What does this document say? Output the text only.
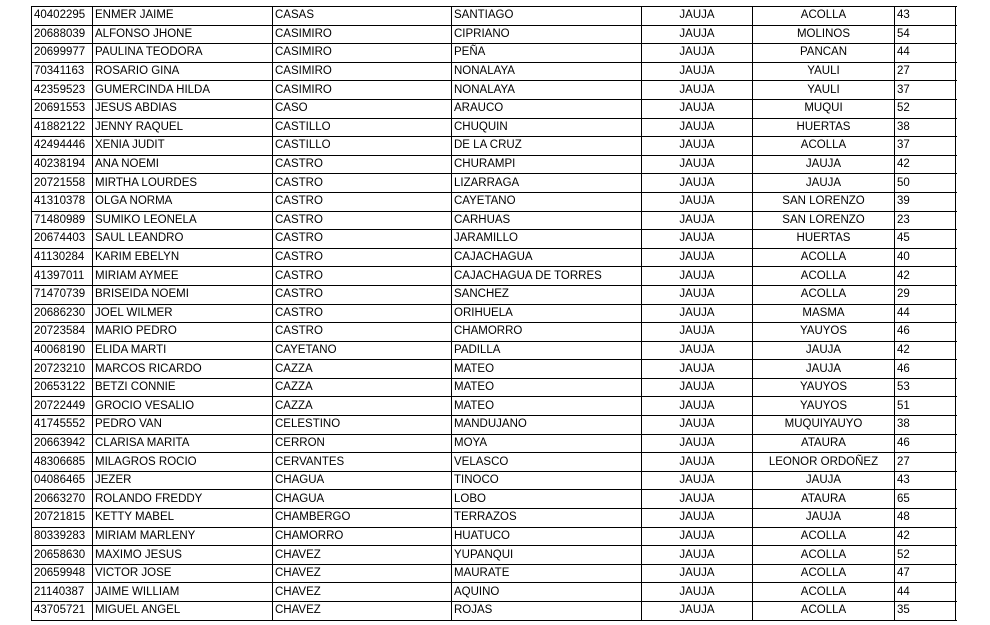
40402295	ENMER JAIME	CASAS	SANTIAGO	JAUJA	ACOLLA	43
20688039	ALFONSO JHONE	CASIMIRO	CIPRIANO	JAUJA	MOLINOS	54
20699977	PAULINA TEODORA	CASIMIRO	PEÑA	JAUJA	PANCAN	44
70341163	ROSARIO GINA	CASIMIRO	NONALAYA	JAUJA	YAULI	27
42359523	GUMERCINDA HILDA	CASIMIRO	NONALAYA	JAUJA	YAULI	37
20691553	JESUS ABDIAS	CASO	ARAUCO	JAUJA	MUQUI	52
41882122	JENNY RAQUEL	CASTILLO	CHUQUIN	JAUJA	HUERTAS	38
42494446	XENIA JUDIT	CASTILLO	DE LA CRUZ	JAUJA	ACOLLA	37
40238194	ANA NOEMI	CASTRO	CHURAMPI	JAUJA	JAUJA	42
20721558	MIRTHA LOURDES	CASTRO	LIZARRAGA	JAUJA	JAUJA	50
41310378	OLGA NORMA	CASTRO	CAYETANO	JAUJA	SAN LORENZO	39
71480989	SUMIKO LEONELA	CASTRO	CARHUAS	JAUJA	SAN LORENZO	23
20674403	SAUL LEANDRO	CASTRO	JARAMILLO	JAUJA	HUERTAS	45
41130284	KARIM EBELYN	CASTRO	CAJACHAGUA	JAUJA	ACOLLA	40
41397011	MIRIAM AYMEE	CASTRO	CAJACHAGUA DE TORRES	JAUJA	ACOLLA	42
71470739	BRISEIDA NOEMI	CASTRO	SANCHEZ	JAUJA	ACOLLA	29
20686230	JOEL WILMER	CASTRO	ORIHUELA	JAUJA	MASMA	44
20723584	MARIO PEDRO	CASTRO	CHAMORRO	JAUJA	YAUYOS	46
40068190	ELIDA MARTI	CAYETANO	PADILLA	JAUJA	JAUJA	42
20723210	MARCOS RICARDO	CAZZA	MATEO	JAUJA	JAUJA	46
20653122	BETZI CONNIE	CAZZA	MATEO	JAUJA	YAUYOS	53
20722449	GROCIO VESALIO	CAZZA	MATEO	JAUJA	YAUYOS	51
41745552	PEDRO VAN	CELESTINO	MANDUJANO	JAUJA	MUQUIYAUYO	38
20663942	CLARISA MARITA	CERRON	MOYA	JAUJA	ATAURA	46
48306685	MILAGROS ROCIO	CERVANTES	VELASCO	JAUJA	LEONOR ORDOÑEZ	27
04086465	JEZER	CHAGUA	TINOCO	JAUJA	JAUJA	43
20663270	ROLANDO FREDDY	CHAGUA	LOBO	JAUJA	ATAURA	65
20721815	KETTY MABEL	CHAMBERGO	TERRAZOS	JAUJA	JAUJA	48
80339283	MIRIAM MARLENY	CHAMORRO	HUATUCO	JAUJA	ACOLLA	42
20658630	MAXIMO JESUS	CHAVEZ	YUPANQUI	JAUJA	ACOLLA	52
20659948	VICTOR JOSE	CHAVEZ	MAURATE	JAUJA	ACOLLA	47
21140387	JAIME WILLIAM	CHAVEZ	AQUINO	JAUJA	ACOLLA	44
43705721	MIGUEL ANGEL	CHAVEZ	ROJAS	JAUJA	ACOLLA	35
